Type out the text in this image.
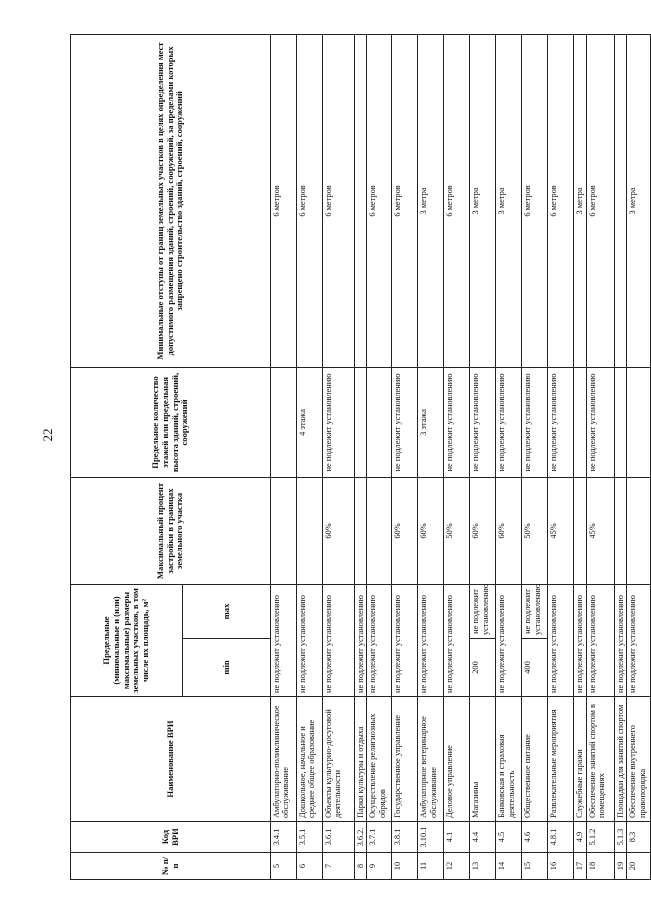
22
№ п/п	Код ВРИ	Наименование ВРИ	Предельные (минимальные и (или) максимальные) размеры земельных участков, в том числе их площадь, м²		Максимальный процент застройки в границах земельного участка	Предельное количество этажей или предельная высота зданий, строений, сооружений	Минимальные отступы от границ земельных участков в целях определения мест допустимого размещения зданий, строений, сооружений, за пределами которых запрещено строительство зданий, строений, сооружений
			min	max			
5	3.4.1	Амбулаторно-поликлиническое обслуживание	не подлежит установлению				6 метров
6	3.5.1	Дошкольное, начальное и среднее общее образование	не подлежит установлению			4 этажа	6 метров
7	3.6.1	Объекты культурно-досуговой деятельности	не подлежит установлению		60%	не подлежит установлению	6 метров
8	3.6.2.	Парки культуры и отдыха	не подлежит установлению				
9	3.7.1	Осуществление религиозных обрядов	не подлежит установлению				6 метров
10	3.8.1	Государственное управление	не подлежит установлению		60%	не подлежит установлению	6 метров
11	3.10.1	Амбулаторное ветеринарное обслуживание	не подлежит установлению		60%	3 этажа	3 метра
12	4.1	Деловое управление	не подлежит установлению		50%	не подлежит установлению	6 метров
13	4.4	Магазины	200	не подлежит установлению	60%	не подлежит установлению	3 метра
14	4.5	Банковская и страховая деятельность	не подлежит установлению		60%	не подлежит установлению	3 метра
15	4.6	Общественное питание	400	не подлежит установлению	50%	не подлежит установлению	6 метров
16	4.8.1	Развлекательные мероприятия	не подлежит установлению		45%	не подлежит установлению	6 метров
17	4.9	Служебные гаражи	не подлежит установлению				3 метра
18	5.1.2	Обеспечение занятий спортом в помещениях	не подлежит установлению		45%	не подлежит установлению	6 метров
19	5.1.3	Площадки для занятий спортом	не подлежит установлению				
20	8.3	Обеспечение внутреннего правопорядка	не подлежит установлению				3 метра
